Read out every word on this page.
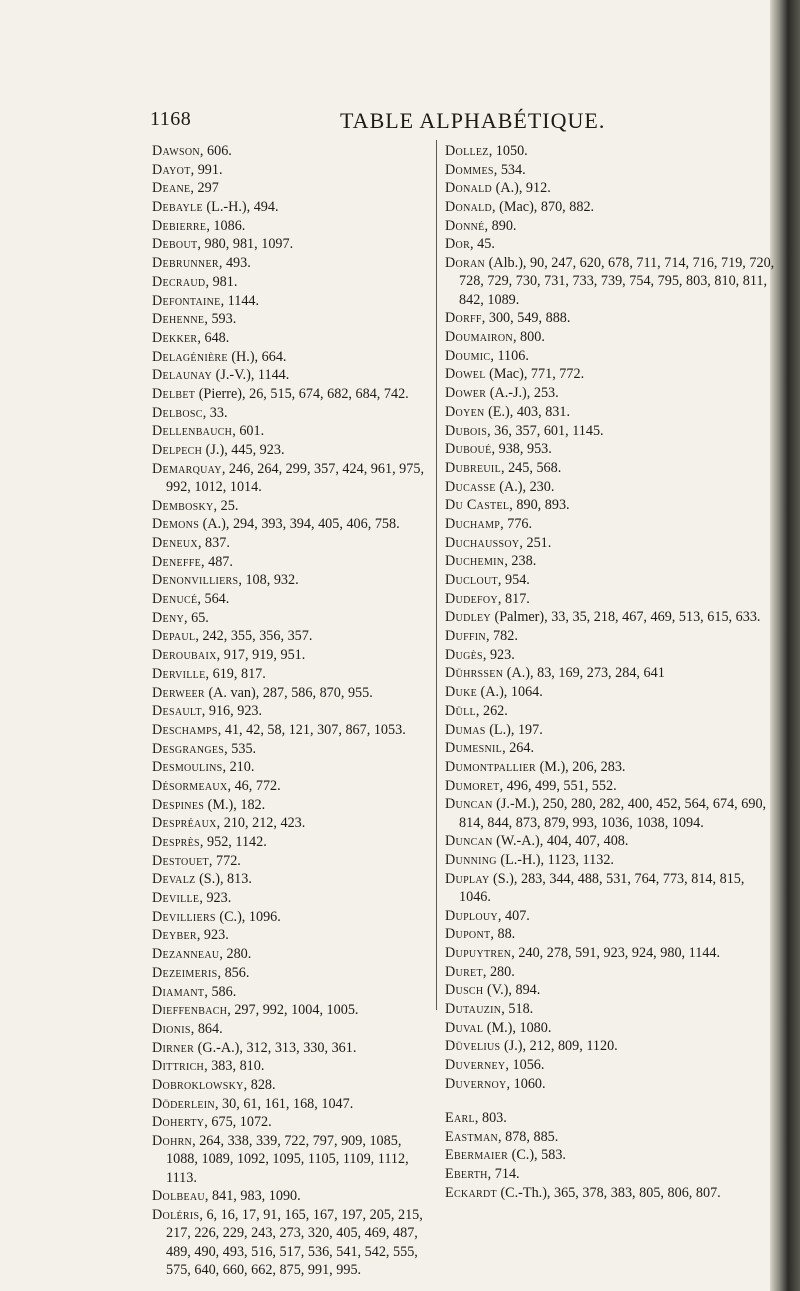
1168	TABLE ALPHABÉTIQUE.

Dawson, 606.

Dayot, 991.

Deane, 297

Debayle (L.-H.), 494.

Debierre, 1086.

Debout, 980, 981, 1097.

Debrunner, 493.

Decraud, 981.

Defontaine, 1144.

Dehenne, 593.

Dekker, 648.

Delagénière (H.), 664.

Delaunay (J.-V.), 1144.

Delbet (Pierre), 26, 515, 674, 682, 684, 742.

Delbosc, 33.

Dellenbauch, 601.

Delpech (J.), 445, 923.

Demarquay, 246, 264, 299, 357, 424, 961, 975, 992, 1012, 1014.

Dembosky, 25.

Demons (A.), 294, 393, 394, 405, 406, 758.

Deneux, 837.

Deneffe, 487.

Denonvilliers, 108, 932.

Denucé, 564.

Deny, 65.

Depaul, 242, 355, 356, 357.

Deroubaix, 917, 919, 951.

Derville, 619, 817.

Derweer (A. van), 287, 586, 870, 955.

Desault, 916, 923.

Deschamps, 41, 42, 58, 121, 307, 867, 1053.

Desgranges, 535.

Desmoulins, 210.

Désormeaux, 46, 772.

Despines (M.), 182.

Despréaux, 210, 212, 423.

Desprès, 952, 1142.

Destouet, 772.

Devalz (S.), 813.

Deville, 923.

Devilliers (C.), 1096.

Deyber, 923.

Dezanneau, 280.

Dezeimeris, 856.

Diamant, 586.

Dieffenbach, 297, 992, 1004, 1005.

Dionis, 864.

Dirner (G.-A.), 312, 313, 330, 361.

Dittrich, 383, 810.

Dobroklowsky, 828.

Döderlein, 30, 61, 161, 168, 1047.

Doherty, 675, 1072.

Dohrn, 264, 338, 339, 722, 797, 909, 1085, 1088, 1089, 1092, 1095, 1105, 1109, 1112, 1113.

Dolbeau, 841, 983, 1090.

Doléris, 6, 16, 17, 91, 165, 167, 197, 205, 215, 217, 226, 229, 243, 273, 320, 405, 469, 487, 489, 490, 493, 516, 517, 536, 541, 542, 555, 575, 640, 660, 662, 875, 991, 995.

Dollez, 1050.

Dommes, 534.

Donald (A.), 912.

Donald, (Mac), 870, 882.

Donné, 890.

Dor, 45.

Doran (Alb.), 90, 247, 620, 678, 711, 714, 716, 719, 720, 728, 729, 730, 731, 733, 739, 754, 795, 803, 810, 811, 842, 1089.

Dorff, 300, 549, 888.

Doumairon, 800.

Doumic, 1106.

Dowel (Mac), 771, 772.

Dower (A.-J.), 253.

Doyen (E.), 403, 831.

Dubois, 36, 357, 601, 1145.

Duboué, 938, 953.

Dubreuil, 245, 568.

Ducasse (A.), 230.

Du Castel, 890, 893.

Duchamp, 776.

Duchaussoy, 251.

Duchemin, 238.

Duclout, 954.

Dudefoy, 817.

Dudley (Palmer), 33, 35, 218, 467, 469, 513, 615, 633.

Duffin, 782.

Dugès, 923.

Dührssen (A.), 83, 169, 273, 284, 641

Duke (A.), 1064.

Düll, 262.

Dumas (L.), 197.

Dumesnil, 264.

Dumontpallier (M.), 206, 283.

Dumoret, 496, 499, 551, 552.

Duncan (J.-M.), 250, 280, 282, 400, 452, 564, 674, 690, 814, 844, 873, 879, 993, 1036, 1038, 1094.

Duncan (W.-A.), 404, 407, 408.

Dunning (L.-H.), 1123, 1132.

Duplay (S.), 283, 344, 488, 531, 764, 773, 814, 815, 1046.

Duplouy, 407.

Dupont, 88.

Dupuytren, 240, 278, 591, 923, 924, 980, 1144.

Duret, 280.

Dusch (V.), 894.

Dutauzin, 518.

Duval (M.), 1080.

Düvelius (J.), 212, 809, 1120.

Duverney, 1056.

Duvernoy, 1060.

Earl, 803.

Eastman, 878, 885.

Ebermaier (C.), 583.

Eberth, 714.

Eckardt (C.-Th.), 365, 378, 383, 805, 806, 807.
